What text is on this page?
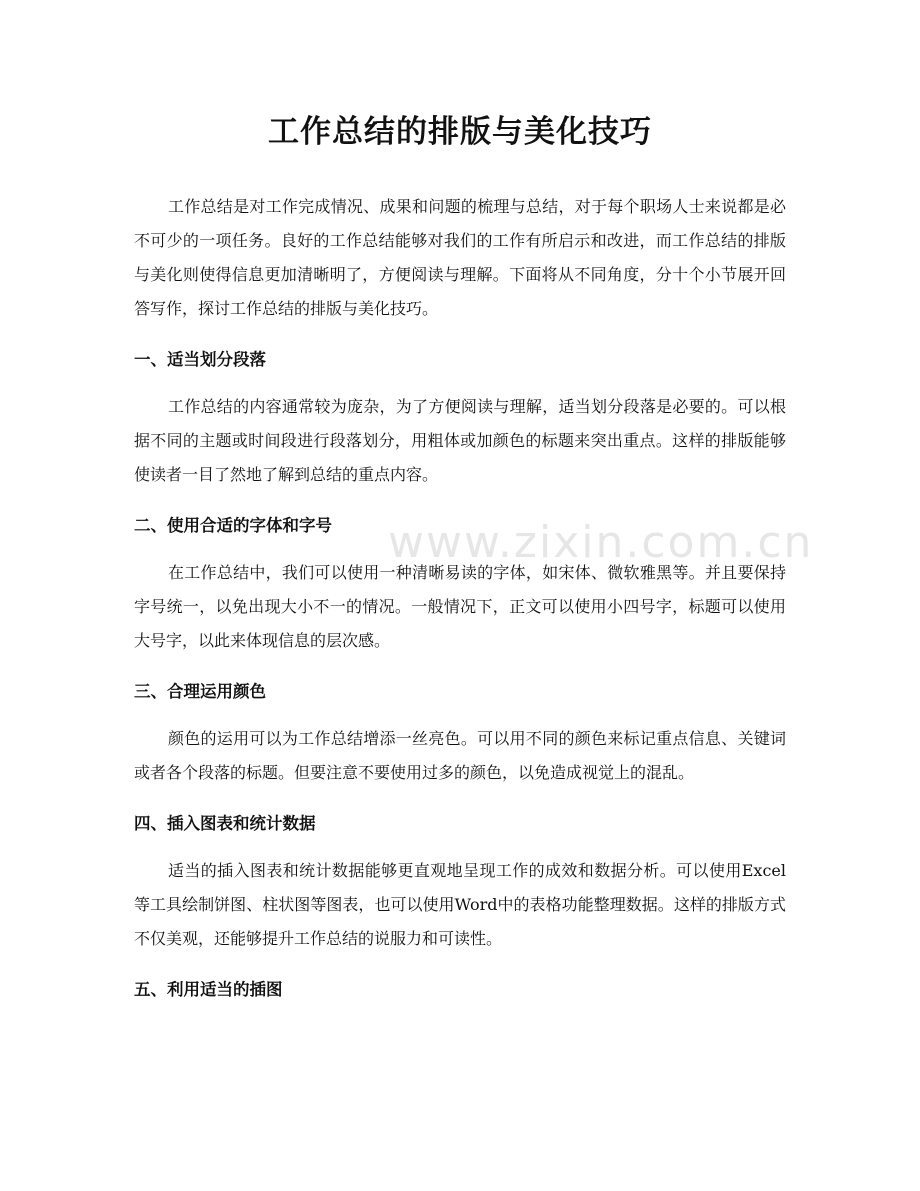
www.zixin.com.cn
工作总结的排版与美化技巧

工作总结是对工作完成情况、成果和问题的梳理与总结，对于每个职场人士来说都是必不可少的一项任务。良好的工作总结能够对我们的工作有所启示和改进，而工作总结的排版与美化则使得信息更加清晰明了，方便阅读与理解。下面将从不同角度，分十个小节展开回答写作，探讨工作总结的排版与美化技巧。

一、适当划分段落

工作总结的内容通常较为庞杂，为了方便阅读与理解，适当划分段落是必要的。可以根据不同的主题或时间段进行段落划分，用粗体或加颜色的标题来突出重点。这样的排版能够使读者一目了然地了解到总结的重点内容。

二、使用合适的字体和字号

在工作总结中，我们可以使用一种清晰易读的字体，如宋体、微软雅黑等。并且要保持字号统一，以免出现大小不一的情况。一般情况下，正文可以使用小四号字，标题可以使用大号字，以此来体现信息的层次感。

三、合理运用颜色

颜色的运用可以为工作总结增添一丝亮色。可以用不同的颜色来标记重点信息、关键词或者各个段落的标题。但要注意不要使用过多的颜色，以免造成视觉上的混乱。

四、插入图表和统计数据

适当的插入图表和统计数据能够更直观地呈现工作的成效和数据分析。可以使用Excel等工具绘制饼图、柱状图等图表，也可以使用Word中的表格功能整理数据。这样的排版方式不仅美观，还能够提升工作总结的说服力和可读性。

五、利用适当的插图
